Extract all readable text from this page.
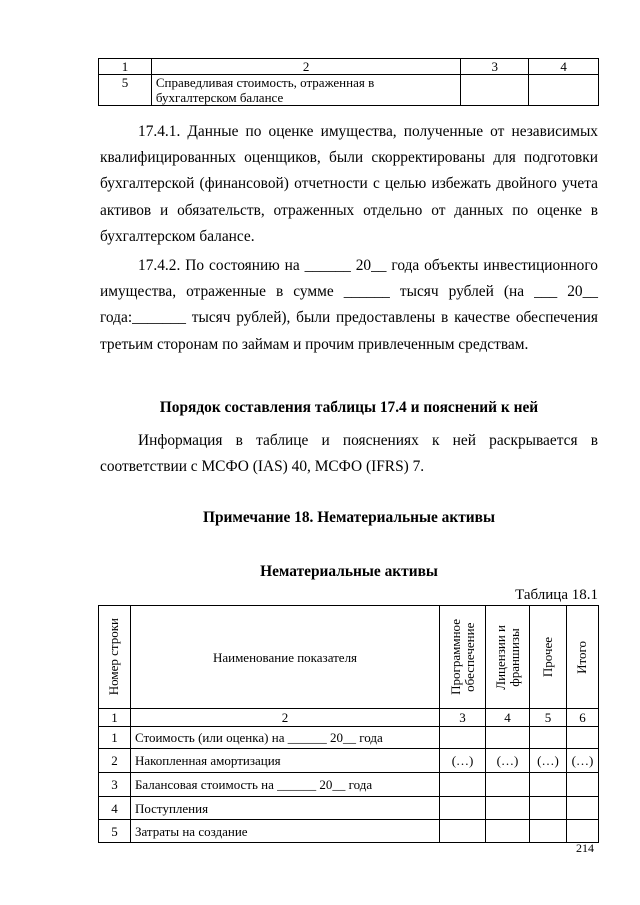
1	2	3	4
5	Справедливая стоимость, отраженная в
бухгалтерском балансе		

17.4.1. Данные по оценке имущества, полученные от независимых квалифицированных оценщиков, были скорректированы для подготовки бухгалтерской (финансовой) отчетности с целью избежать двойного учета активов и обязательств, отраженных отдельно от данных по оценке в бухгалтерском балансе.

17.4.2. По состоянию на ______ 20__ года объекты инвестиционного имущества, отраженные в сумме ______ тысяч рублей (на ___ 20__ года:_______ тысяч рублей), были предоставлены в качестве обеспечения третьим сторонам по займам и прочим привлеченным средствам.

Порядок составления таблицы 17.4 и пояснений к ней

Информация в таблице и пояснениях к ней раскрывается в соответствии с МСФО (IAS) 40, МСФО (IFRS) 7.

Примечание 18. Нематериальные активы
Нематериальные активы
Таблица 18.1
Номер строки	Наименование показателя	Программное
обеспечение	Лицензии и
франшизы	Прочее	Итого

1	2	3	4	5	6
1	Стоимость (или оценка) на ______ 20__ года				
2	Накопленная амортизация	(…)	(…)	(…)	(…)
3	Балансовая стоимость на ______ 20__ года				
4	Поступления				
5	Затраты на создание				
214
